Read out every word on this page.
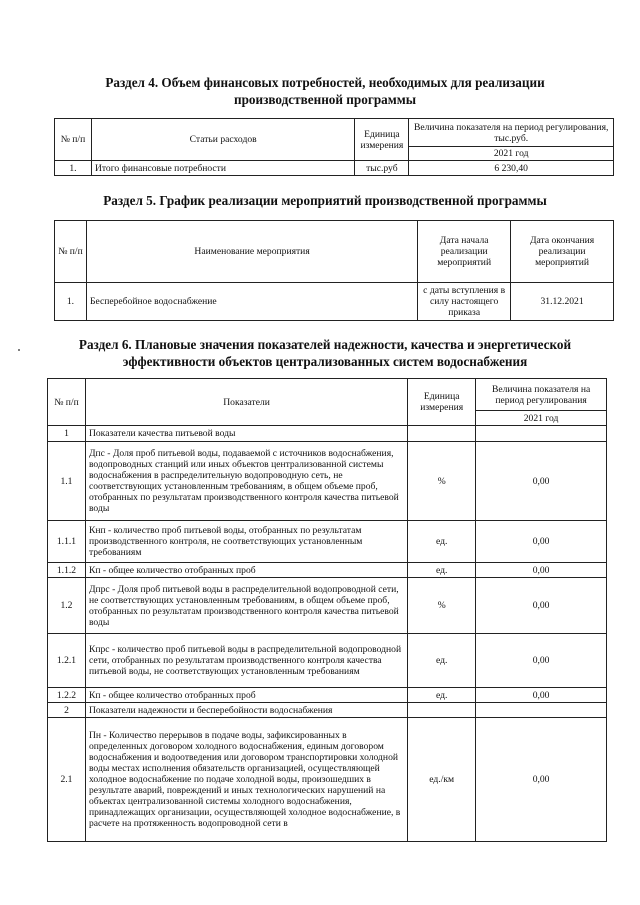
Раздел 4. Объем финансовых потребностей, необходимых для реализации
производственной программы
№ п/п	Статьи расходов	Единица измерения	Величина показателя на период регулирования, тыс.руб.
			2021 год
1.	Итого финансовые потребности	тыс.руб	6 230,40
Раздел 5. График реализации мероприятий производственной программы
№ п/п	Наименование мероприятия	Дата начала реализации мероприятий	Дата окончания реализации мероприятий
1.	Бесперебойное водоснабжение	с даты вступления в силу настоящего приказа	31.12.2021
Раздел 6. Плановые значения показателей надежности, качества и энергетической
эффективности объектов централизованных систем водоснабжения
№ п/п	Показатели	Единица измерения	Величина показателя на период регулирования
			2021 год
1	Показатели качества питьевой воды		
1.1	Дпс - Доля проб питьевой воды, подаваемой с источников водоснабжения, водопроводных станций или иных объектов централизованной системы водоснабжения в распределительную водопроводную сеть, не соответствующих установленным требованиям, в общем объеме проб, отобранных по результатам производственного контроля качества питьевой воды	%	0,00
1.1.1	Кнп - количество проб питьевой воды, отобранных по результатам производственного контроля, не соответствующих установленным требованиям	ед.	0,00
1.1.2	Кп - общее количество отобранных проб	ед.	0,00
1.2	Дпрс - Доля проб питьевой воды в распределительной водопроводной сети, не соответствующих установленным требованиям, в общем объеме проб, отобранных по результатам производственного контроля качества питьевой воды	%	0,00
1.2.1	Кпрс - количество проб питьевой воды в распределительной водопроводной сети, отобранных по результатам производственного контроля качества питьевой воды, не соответствующих установленным требованиям	ед.	0,00
1.2.2	Кп - общее количество отобранных проб	ед.	0,00
2	Показатели надежности и бесперебойности водоснабжения		
2.1	Пн - Количество перерывов в подаче воды, зафиксированных в определенных договором холодного водоснабжения, единым договором водоснабжения и водоотведения или договором транспортировки холодной воды местах исполнения обязательств организацией, осуществляющей холодное водоснабжение по подаче холодной воды, произошедших в результате аварий, повреждений и иных технологических нарушений на объектах централизованной системы холодного водоснабжения, принадлежащих организации, осуществляющей холодное водоснабжение, в расчете на протяженность водопроводной сети в	ед./км	0,00
